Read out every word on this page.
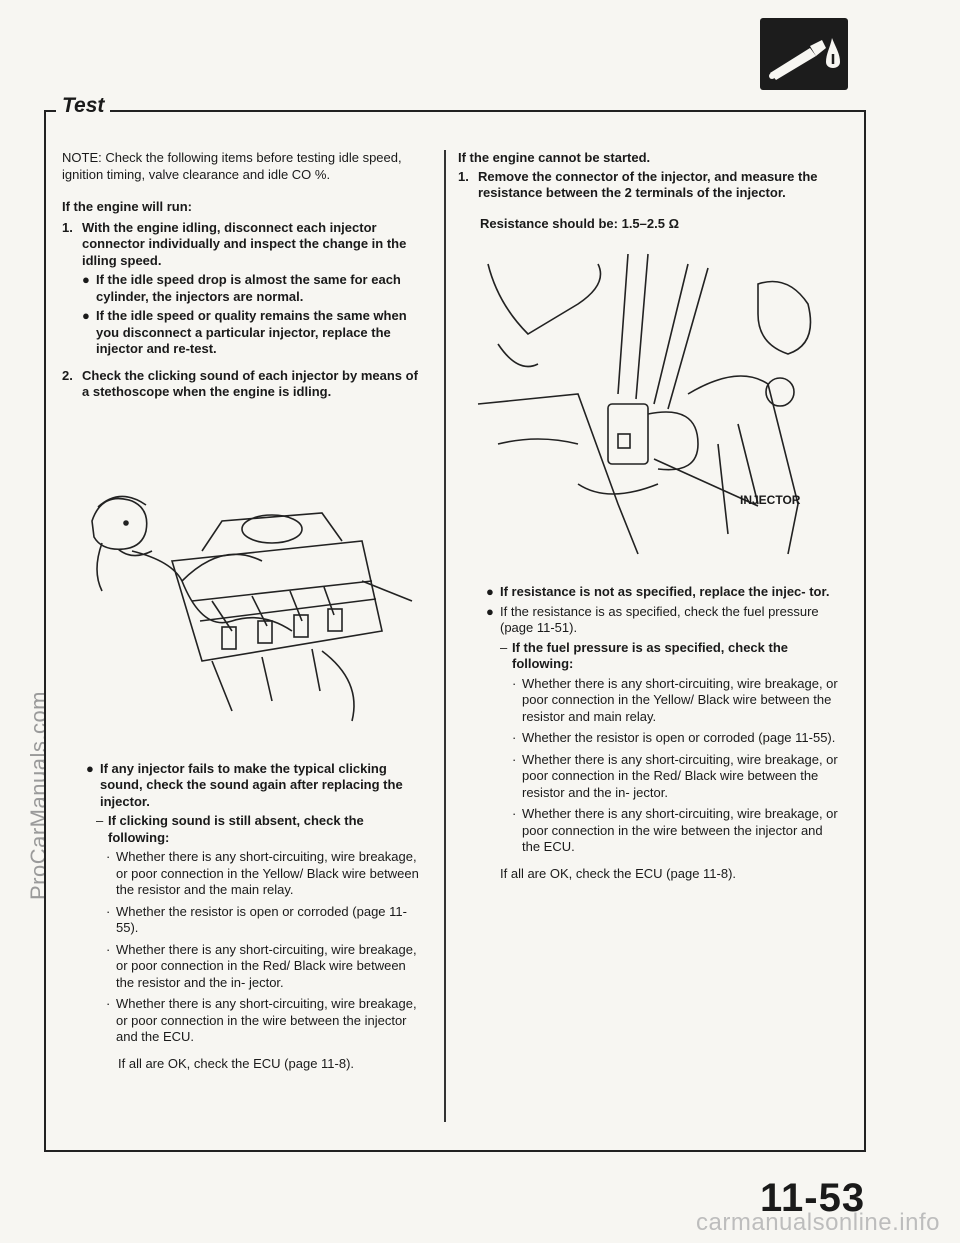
ProCarManuals.com
carmanualsonline.info
Test

NOTE: Check the following items before testing idle speed, ignition timing, valve clearance and idle CO %.

If the engine will run:

1. With the engine idling, disconnect each injector connector individually and inspect the change in the idling speed.
● If the idle speed drop is almost the same for each cylinder, the injectors are normal.
● If the idle speed or quality remains the same when you disconnect a particular injector, replace the injector and re-test.
2. Check the clicking sound of each injector by means of a stethoscope when the engine is idling.
● If any injector fails to make the typical clicking sound, check the sound again after replacing the injector.
– If clicking sound is still absent, check the following:
· Whether there is any short-circuiting, wire breakage, or poor connection in the Yellow/ Black wire between the resistor and the main relay.
· Whether the resistor is open or corroded (page 11-55).
· Whether there is any short-circuiting, wire breakage, or poor connection in the Red/ Black wire between the resistor and the in- jector.
· Whether there is any short-circuiting, wire breakage, or poor connection in the wire between the injector and the ECU.

If all are OK, check the ECU (page 11-8).

If the engine cannot be started.

1. Remove the connector of the injector, and measure the resistance between the 2 terminals of the injector.

Resistance should be: 1.5–2.5 Ω

INJECTOR
● If resistance is not as specified, replace the injec- tor.
● If the resistance is as specified, check the fuel pressure (page 11-51).
– If the fuel pressure is as specified, check the following:
· Whether there is any short-circuiting, wire breakage, or poor connection in the Yellow/ Black wire between the resistor and main relay.
· Whether the resistor is open or corroded (page 11-55).
· Whether there is any short-circuiting, wire breakage, or poor connection in the Red/ Black wire between the resistor and the in- jector.
· Whether there is any short-circuiting, wire breakage, or poor connection in the wire between the injector and the ECU.

If all are OK, check the ECU (page 11-8).

11-53
